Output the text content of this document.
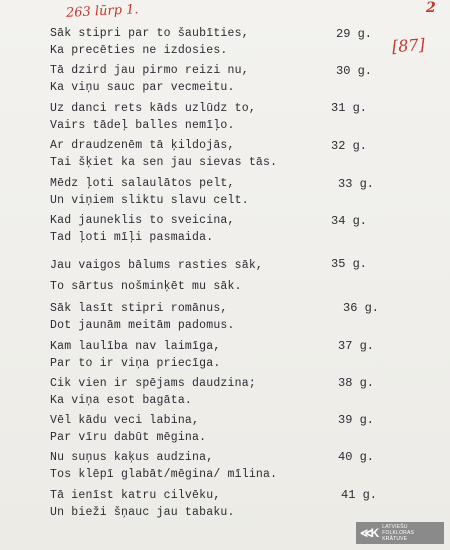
263 lūrp 1.	2
[87]
Sāk stipri par to šaubīties,
Ka precēties ne izdosies.
29 g.
Tā dzird jau pirmo reizi nu,
Ka viņu sauc par vecmeitu.
30 g.
Uz danci rets kāds uzlūdz to,
Vairs tādeļ balles nemīļo.
31 g.
Ar draudzenēm tā ķildojās,
Tai šķiet ka sen jau sievas tās.
32 g.
Mēdz ļoti salaulātos pelt,
Un viņiem sliktu slavu celt.
33 g.
Kad jauneklis to sveicina,
Tad ļoti mīļi pasmaida.
34 g.
Jau vaigos bālums rasties sāk,
To sārtus nošminķēt mu sāk.
35 g.
Sāk lasīt stipri romānus,
Dot jaunām meitām padomus.
36 g.
Kam laulība nav laimīga,
Par to ir viņa priecīga.
37 g.
Cik vien ir spējams daudzina;
Ka viņa esot bagāta.
38 g.
Vēl kādu veci labina,
Par vīru dabūt mēgina.
39 g.
Nu suņus kaķus audzina,
Tos klēpī glabāt/mēgina/ mīlina.
40 g.
Tā ienīst katru cilvēku,
Un bieži šņauc jau tabaku.
41 g.
≪K LATVIEŠU
FOLKLORAS
KRĀTUVE
